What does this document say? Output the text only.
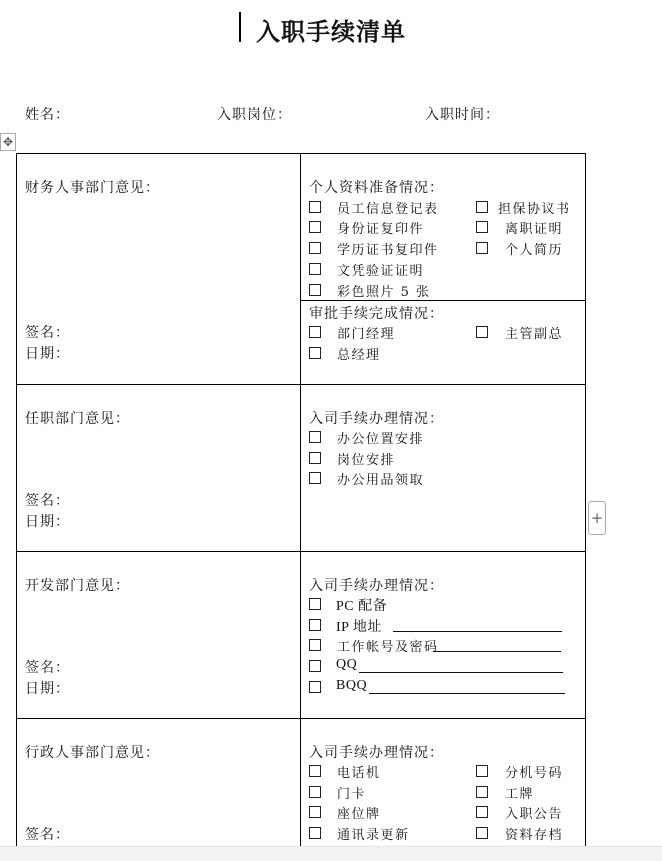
入职手续清单
姓名：	入职岗位：	入职时间：
✥
+
财务人事部门意见：
签名：
日期：
个人资料准备情况：
员工信息登记表
身份证复印件
学历证书复印件
文凭验证证明
彩色照片 5 张
担保协议书
离职证明
个人简历
审批手续完成情况：
部门经理
总经理
主管副总
任职部门意见：
签名：
日期：
入司手续办理情况：
办公位置安排
岗位安排
办公用品领取
开发部门意见：
签名：
日期：
入司手续办理情况：
PC 配备
IP 地址
工作帐号及密码
QQ
BQQ
行政人事部门意见：
签名：
入司手续办理情况：
电话机
门卡
座位牌
通讯录更新
分机号码
工牌
入职公告
资料存档
